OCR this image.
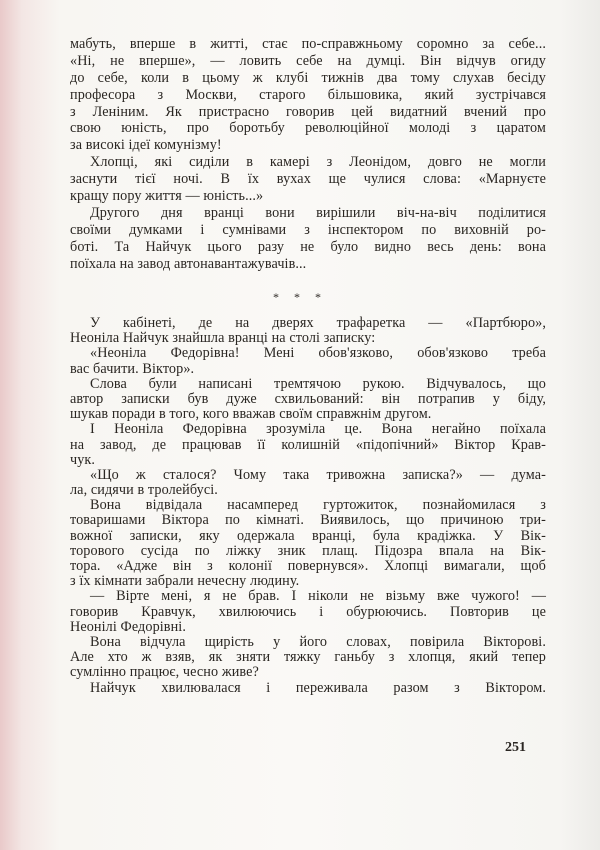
мабуть, вперше в житті, стає по-справжньому соромно за себе...
«Ні, не вперше», — ловить себе на думці. Він відчув огиду
до себе, коли в цьому ж клубі тижнів два тому слухав бесіду
професора з Москви, старого більшовика, який зустрічався
з Леніним. Як пристрасно говорив цей видатний вчений про
свою юність, про боротьбу революційної молоді з царатом
за високі ідеї комунізму!
Хлопці, які сиділи в камері з Леонідом, довго не могли
заснути тієї ночі. В їх вухах ще чулися слова: «Марнуєте
кращу пору життя — юність...»
Другого дня вранці вони вирішили віч-на-віч поділитися
своїми думками і сумнівами з інспектором по виховній ро-
боті. Та Найчук цього разу не було видно весь день: вона
поїхала на завод автонавантажувачів...
* * *
У кабінеті, де на дверях трафаретка — «Партбюро»,
Неоніла Найчук знайшла вранці на столі записку:
«Неоніла Федорівна! Мені обов'язково, обов'язково треба
вас бачити. Віктор».
Слова були написані тремтячою рукою. Відчувалось, що
автор записки був дуже схвильований: він потрапив у біду,
шукав поради в того, кого вважав своїм справжнім другом.
І Неоніла Федорівна зрозуміла це. Вона негайно поїхала
на завод, де працював її колишній «підопічний» Віктор Крав-
чук.
«Що ж сталося? Чому така тривожна записка?» — дума-
ла, сидячи в тролейбусі.
Вона відвідала насамперед гуртожиток, познайомилася з
товаришами Віктора по кімнаті. Виявилось, що причиною три-
вожної записки, яку одержала вранці, була крадіжка. У Вік-
торового сусіда по ліжку зник плащ. Підозра впала на Вік-
тора. «Адже він з колонії повернувся». Хлопці вимагали, щоб
з їх кімнати забрали нечесну людину.
— Вірте мені, я не брав. І ніколи не візьму вже чужого! —
говорив Кравчук, хвилюючись і обурюючись. Повторив це
Неонілі Федорівні.
Вона відчула щирість у його словах, повірила Вікторові.
Але хто ж взяв, як зняти тяжку ганьбу з хлопця, який тепер
сумлінно працює, чесно живе?
Найчук хвилювалася і переживала разом з Віктором.
251
